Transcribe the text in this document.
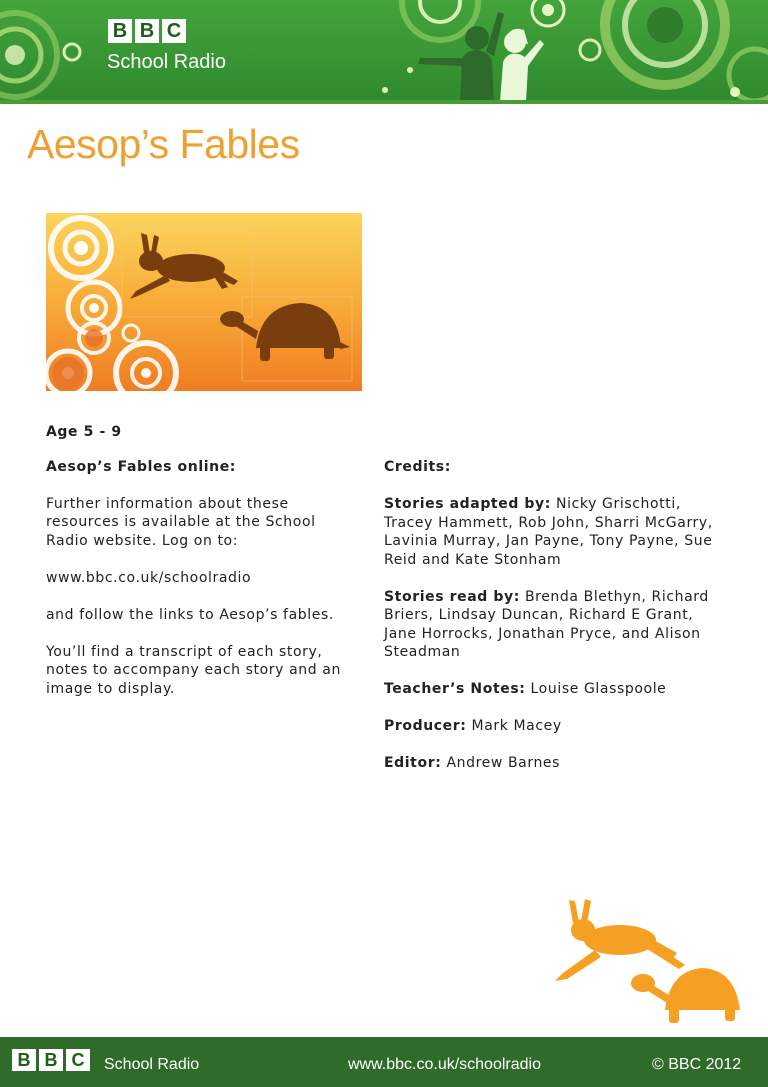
B B C
School Radio
Aesop’s Fables

Age 5 - 9

Aesop’s Fables online:

Further information about these resources is available at the School Radio website. Log on to:

www.bbc.co.uk/schoolradio

and follow the links to Aesop’s fables.

You’ll find a transcript of each story, notes to accompany each story and an image to display.

Credits:

Stories adapted by: Nicky Grischotti, Tracey Hammett, Rob John, Sharri McGarry, Lavinia Murray, Jan Payne, Tony Payne, Sue Reid and Kate Stonham

Stories read by: Brenda Blethyn, Richard Briers, Lindsay Duncan, Richard E Grant, Jane Horrocks, Jonathan Pryce, and Alison Steadman

Teacher’s Notes: Louise Glasspoole

Producer: Mark Macey

Editor: Andrew Barnes

B B C	School Radio	www.bbc.co.uk/schoolradio	© BBC 2012
